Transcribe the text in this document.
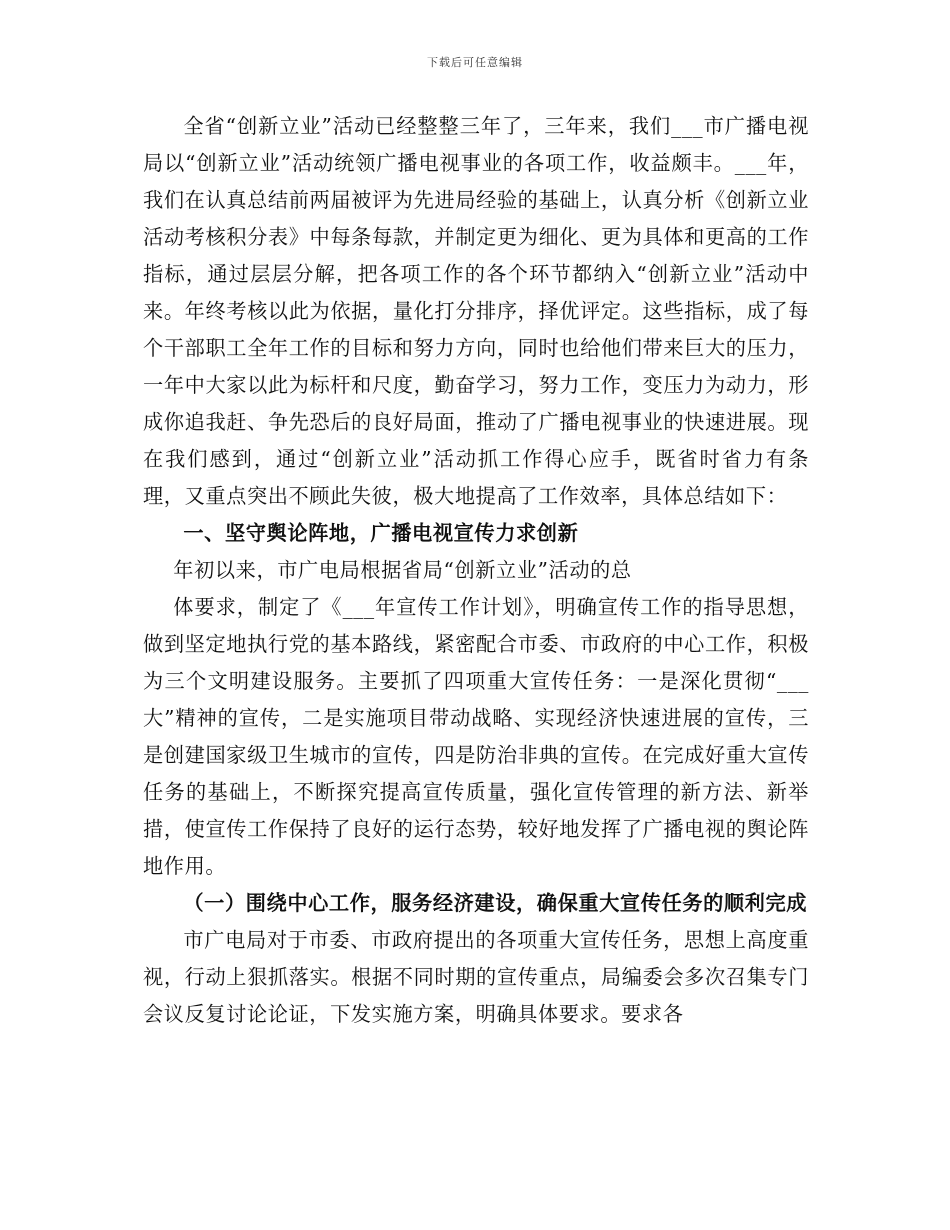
下载后可任意编辑

全省“创新立业”活动已经整整三年了，三年来，我们___市广播电视局以“创新立业”活动统领广播电视事业的各项工作，收益颇丰。___年，我们在认真总结前两届被评为先进局经验的基础上，认真分析《创新立业活动考核积分表》中每条每款，并制定更为细化、更为具体和更高的工作指标，通过层层分解，把各项工作的各个环节都纳入“创新立业”活动中来。年终考核以此为依据，量化打分排序，择优评定。这些指标，成了每个干部职工全年工作的目标和努力方向，同时也给他们带来巨大的压力，一年中大家以此为标杆和尺度，勤奋学习，努力工作，变压力为动力，形成你追我赶、争先恐后的良好局面，推动了广播电视事业的快速进展。现在我们感到，通过“创新立业”活动抓工作得心应手，既省时省力有条理，又重点突出不顾此失彼，极大地提高了工作效率，具体总结如下：

一、坚守舆论阵地，广播电视宣传力求创新

年初以来，市广电局根据省局“创新立业”活动的总

体要求，制定了《___年宣传工作计划》，明确宣传工作的指导思想，做到坚定地执行党的基本路线，紧密配合市委、市政府的中心工作，积极为三个文明建设服务。主要抓了四项重大宣传任务：一是深化贯彻“___大”精神的宣传，二是实施项目带动战略、实现经济快速进展的宣传，三是创建国家级卫生城市的宣传，四是防治非典的宣传。在完成好重大宣传任务的基础上，不断探究提高宣传质量，强化宣传管理的新方法、新举措，使宣传工作保持了良好的运行态势，较好地发挥了广播电视的舆论阵地作用。

（一）围绕中心工作，服务经济建设，确保重大宣传任务的顺利完成

市广电局对于市委、市政府提出的各项重大宣传任务，思想上高度重视，行动上狠抓落实。根据不同时期的宣传重点，局编委会多次召集专门会议反复讨论论证，下发实施方案，明确具体要求。要求各
